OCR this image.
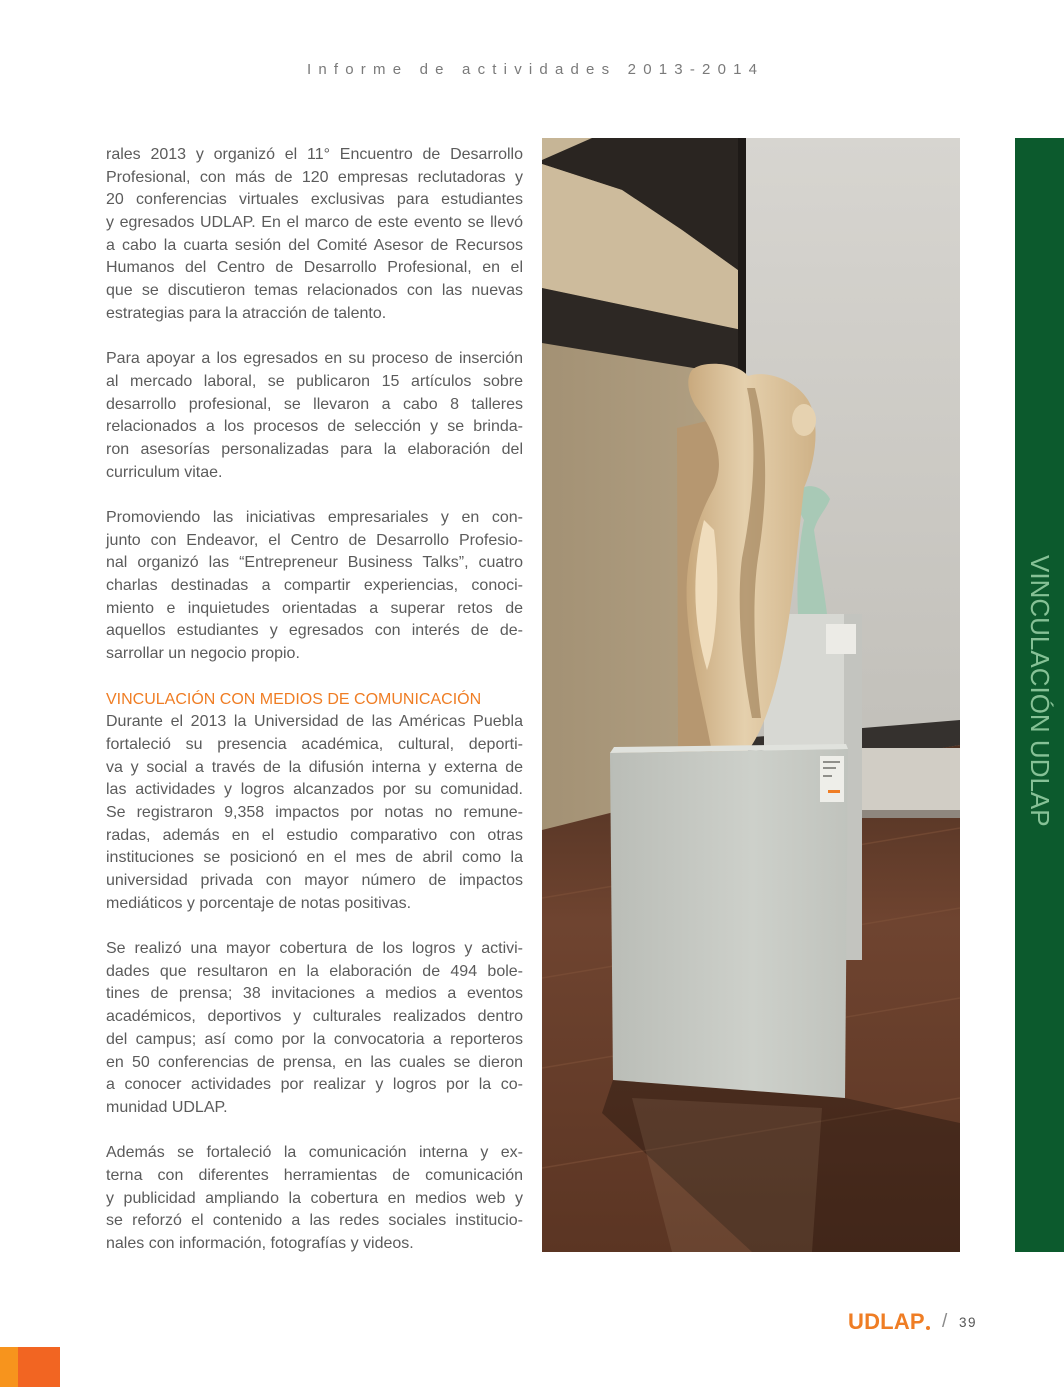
Informe de actividades 2013-2014
rales 2013 y organizó el 11° Encuentro de Desarrollo
Profesional, con más de 120 empresas reclutadoras y
20 conferencias virtuales exclusivas para estudiantes
y egresados UDLAP. En el marco de este evento se llevó
a cabo la cuarta sesión del Comité Asesor de Recursos
Humanos del Centro de Desarrollo Profesional, en el
que se discutieron temas relacionados con las nuevas
estrategias para la atracción de talento.
Para apoyar a los egresados en su proceso de inserción
al mercado laboral, se publicaron 15 artículos sobre
desarrollo profesional, se llevaron a cabo 8 talleres
relacionados a los procesos de selección y se brinda-
ron asesorías personalizadas para la elaboración del
curriculum vitae.
Promoviendo las iniciativas empresariales y en con-
junto con Endeavor, el Centro de Desarrollo Profesio-
nal organizó las “Entrepreneur Business Talks”, cuatro
charlas destinadas a compartir experiencias, conoci-
miento e inquietudes orientadas a superar retos de
aquellos estudiantes y egresados con interés de de-
sarrollar un negocio propio.
VINCULACIÓN CON MEDIOS DE COMUNICACIÓN
Durante el 2013 la Universidad de las Américas Puebla
fortaleció su presencia académica, cultural, deporti-
va y social a través de la difusión interna y externa de
las actividades y logros alcanzados por su comunidad.
Se registraron 9,358 impactos por notas no remune-
radas, además en el estudio comparativo con otras
instituciones se posicionó en el mes de abril como la
universidad privada con mayor número de impactos
mediáticos y porcentaje de notas positivas.
Se realizó una mayor cobertura de los logros y activi-
dades que resultaron en la elaboración de 494 bole-
tines de prensa; 38 invitaciones a medios a eventos
académicos, deportivos y culturales realizados dentro
del campus; así como por la convocatoria a reporteros
en 50 conferencias de prensa, en las cuales se dieron
a conocer actividades por realizar y logros por la co-
munidad UDLAP.
Además se fortaleció la comunicación interna y ex-
terna con diferentes herramientas de comunicación
y publicidad ampliando la cobertura en medios web y
se reforzó el contenido a las redes sociales institucio-
nales con información, fotografías y videos.
VINCULACIÓN UDLAP
UDLAP / 39
